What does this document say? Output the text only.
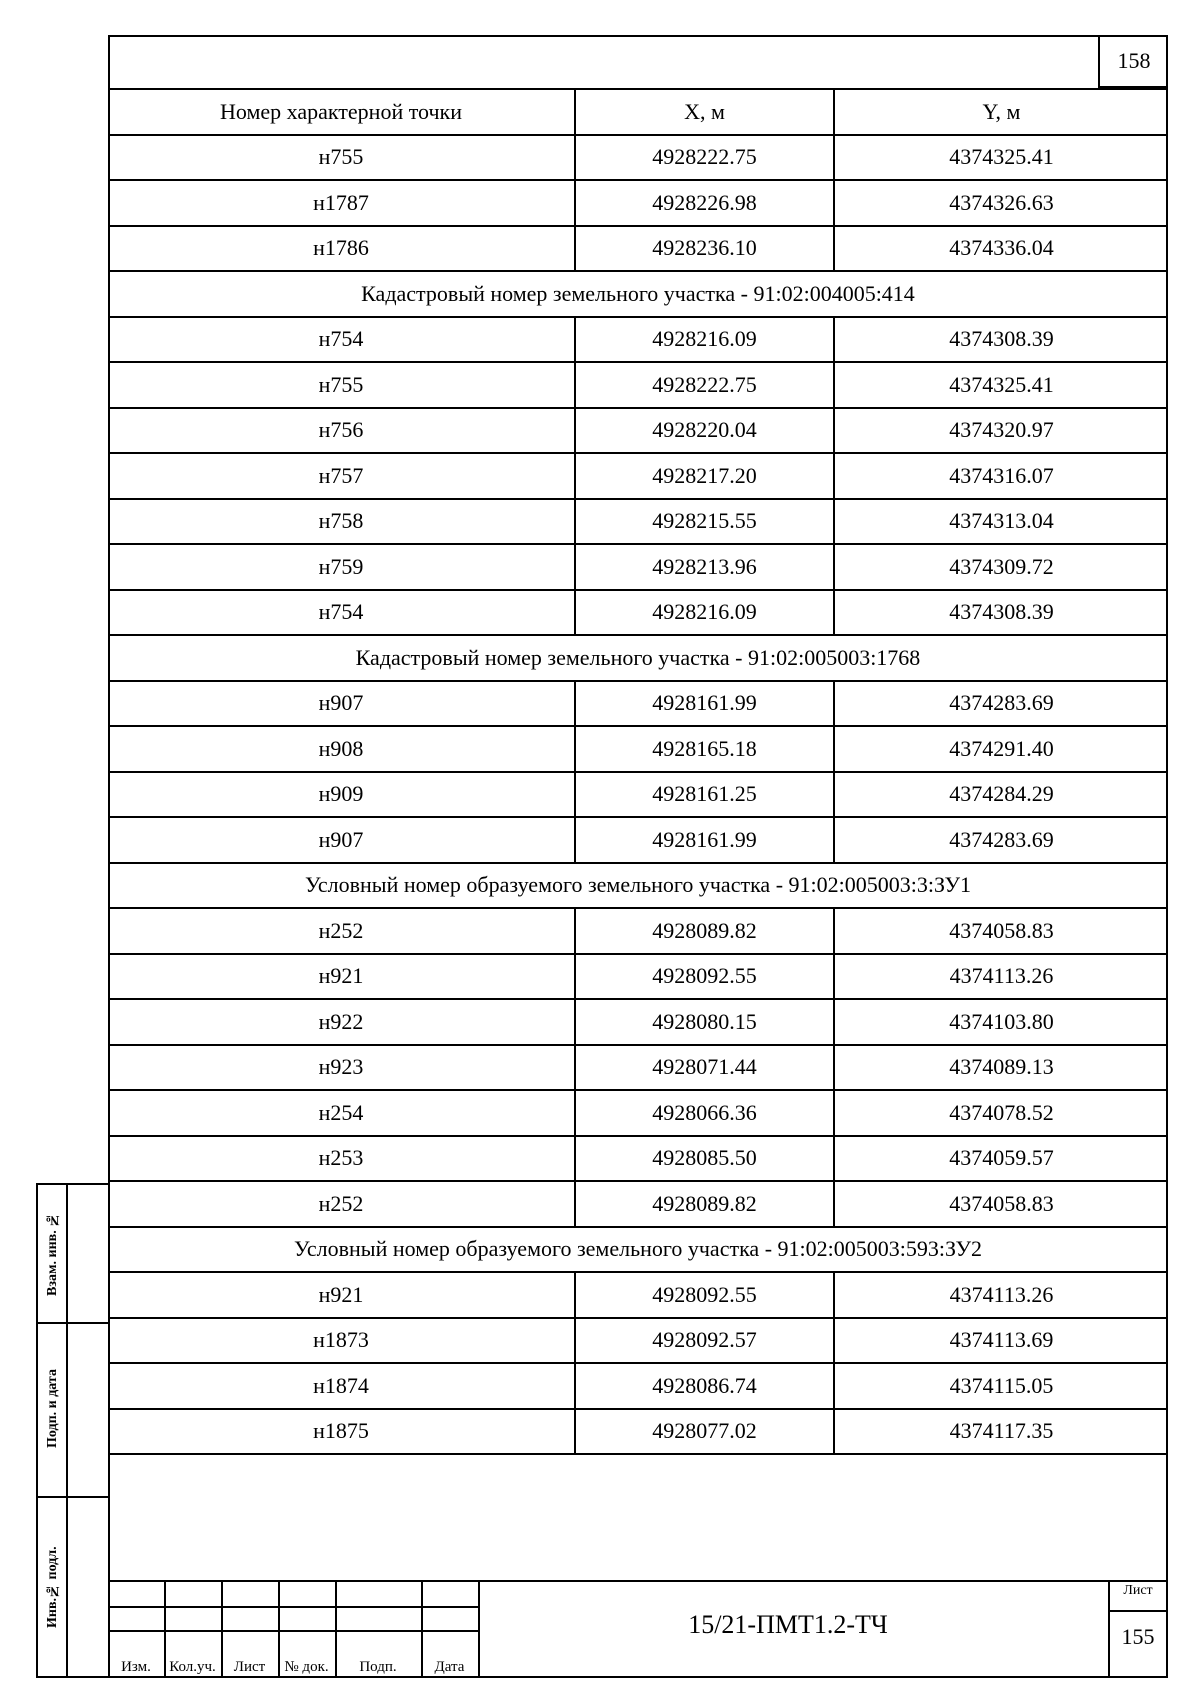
158
Номер характерной точки	X, м	Y, м
н755	4928222.75	4374325.41
н1787	4928226.98	4374326.63
н1786	4928236.10	4374336.04
Кадастровый номер земельного участка - 91:02:004005:414		
н754	4928216.09	4374308.39
н755	4928222.75	4374325.41
н756	4928220.04	4374320.97
н757	4928217.20	4374316.07
н758	4928215.55	4374313.04
н759	4928213.96	4374309.72
н754	4928216.09	4374308.39
Кадастровый номер земельного участка - 91:02:005003:1768		
н907	4928161.99	4374283.69
н908	4928165.18	4374291.40
н909	4928161.25	4374284.29
н907	4928161.99	4374283.69
Условный номер образуемого земельного участка - 91:02:005003:3:ЗУ1		
н252	4928089.82	4374058.83
н921	4928092.55	4374113.26
н922	4928080.15	4374103.80
н923	4928071.44	4374089.13
н254	4928066.36	4374078.52
н253	4928085.50	4374059.57
н252	4928089.82	4374058.83
Условный номер образуемого земельного участка - 91:02:005003:593:ЗУ2		
н921	4928092.55	4374113.26
н1873	4928092.57	4374113.69
н1874	4928086.74	4374115.05
н1875	4928077.02	4374117.35
Взам. инв. №
Подп. и дата
Инв.№ подл.
Изм.	Кол.уч.	Лист	№ док.	Подп.	Дата
15/21-ПМТ1.2-ТЧ
Лист
155
